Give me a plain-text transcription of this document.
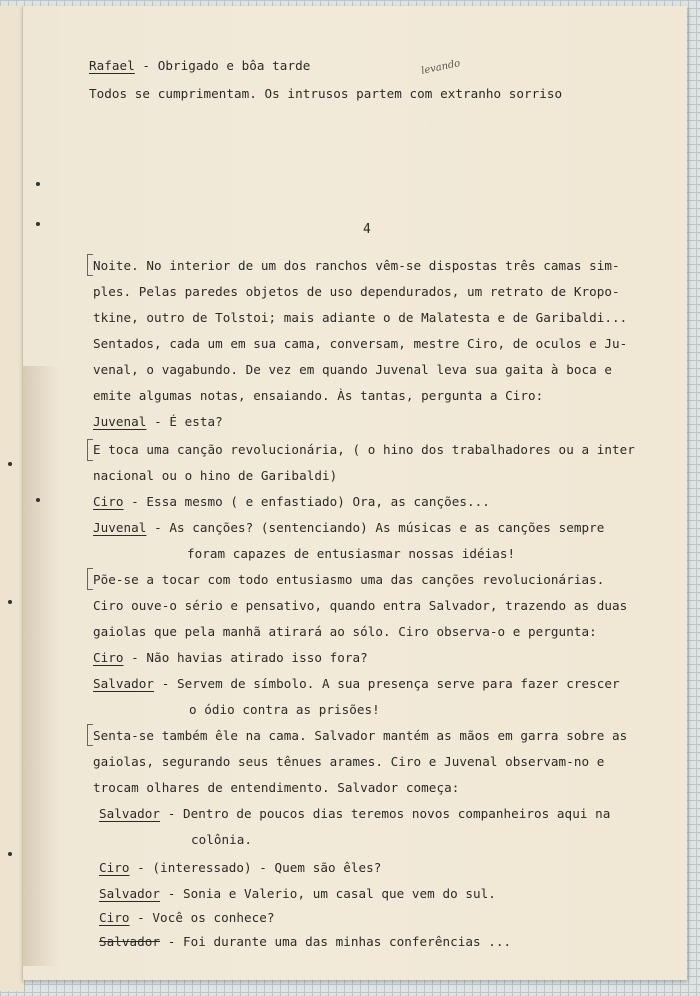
Rafael - Obrigado e bôa tarde
Todos se cumprimentam. Os intrusos partem com extranho sorriso
levando
4
Noite. No interior de um dos ranchos vêm-se dispostas três camas sim-
ples. Pelas paredes objetos de uso dependurados, um retrato de Kropo-
tkine, outro de Tolstoi; mais adiante o de Malatesta e de Garibaldi...
Sentados, cada um em sua cama, conversam, mestre Ciro, de oculos e Ju-
venal, o vagabundo. De vez em quando Juvenal leva sua gaita à boca e
emite algumas notas, ensaiando. Às tantas, pergunta a Ciro:
Juvenal - É esta?
E toca uma canção revolucionária, ( o hino dos trabalhadores ou a inter
nacional ou o hino de Garibaldi)
Ciro - Essa mesmo ( e enfastiado) Ora, as canções...
Juvenal - As canções? (sentenciando) As músicas e as canções sempre
foram capazes de entusiasmar nossas idéias!
Põe-se a tocar com todo entusiasmo uma das canções revolucionárias.
Ciro ouve-o sério e pensativo, quando entra Salvador, trazendo as duas
gaiolas que pela manhã atirará ao sólo. Ciro observa-o e pergunta:
Ciro - Não havias atirado isso fora?
Salvador - Servem de símbolo. A sua presença serve para fazer crescer
o ódio contra as prisões!
Senta-se também êle na cama. Salvador mantém as mãos em garra sobre as
gaiolas, segurando seus tênues arames. Ciro e Juvenal observam-no e
trocam olhares de entendimento. Salvador começa:
Salvador - Dentro de poucos dias teremos novos companheiros aqui na
colônia.
Ciro - (interessado) - Quem são êles?
Salvador - Sonia e Valerio, um casal que vem do sul.
Ciro - Você os conhece?
Salvador - Foi durante uma das minhas conferências ...
